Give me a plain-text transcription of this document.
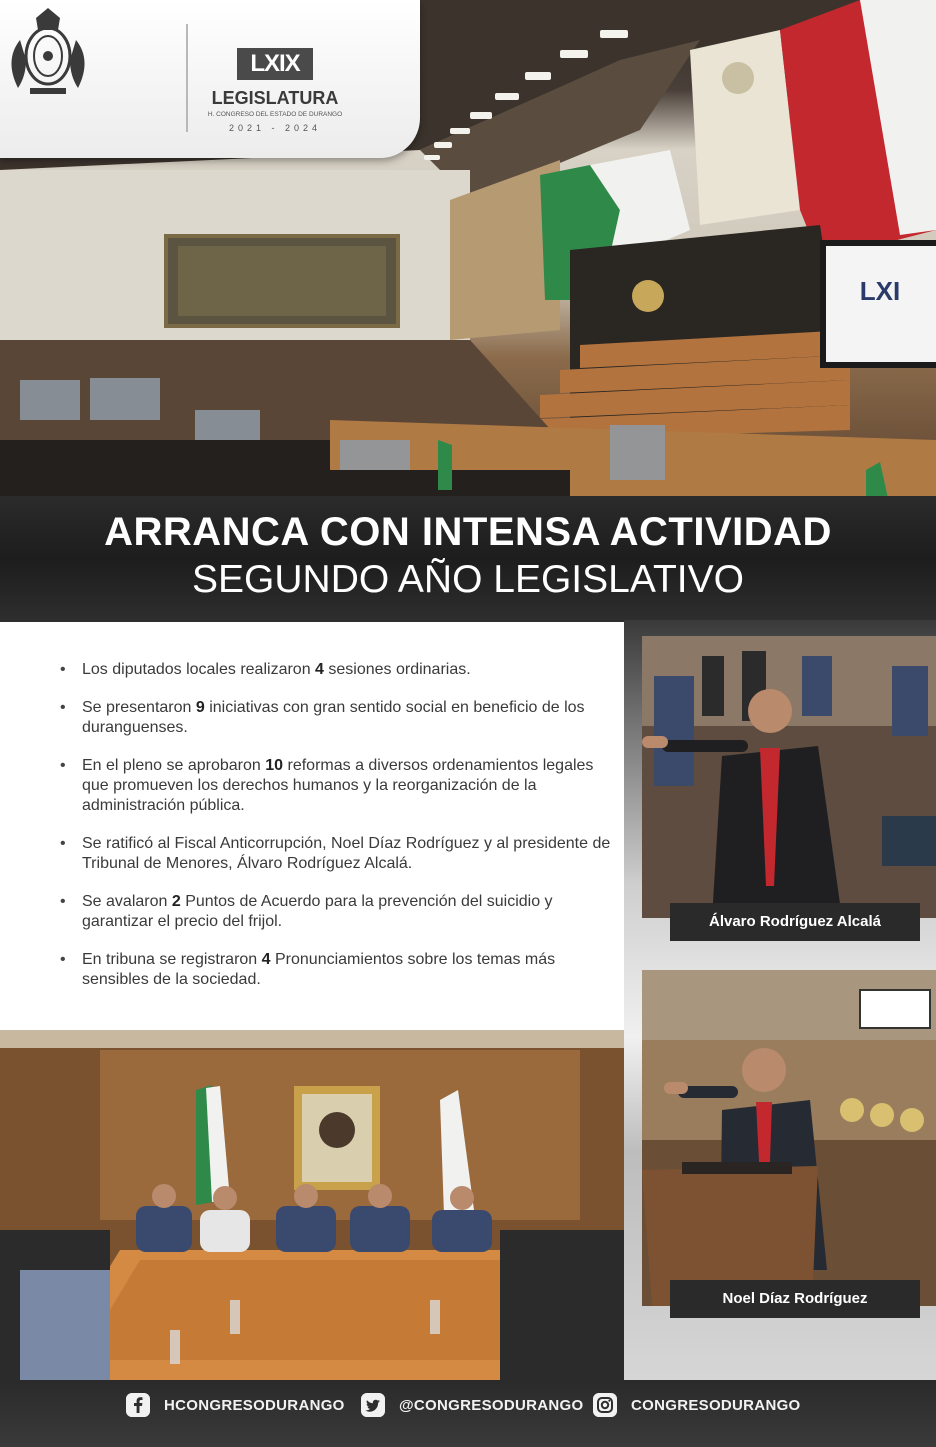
LXI
LXIX
LEGISLATURA
H. CONGRESO DEL ESTADO DE DURANGO
2021 - 2024
ARRANCA CON INTENSA ACTIVIDAD
SEGUNDO AÑO LEGISLATIVO
• Los diputados locales realizaron 4 sesiones ordinarias.
• Se presentaron 9 iniciativas con gran sentido social en beneficio de los duranguenses.
• En el pleno se aprobaron 10 reformas a diversos ordenamientos legales que promueven los derechos humanos y la reorganización de la administración pública.
• Se ratificó al Fiscal Anticorrupción, Noel Díaz Rodríguez y al presidente de Tribunal de Menores, Álvaro Rodríguez Alcalá.
• Se avalaron 2 Puntos de Acuerdo para la prevención del suicidio y garantizar el precio del frijol.
• En tribuna se registraron 4 Pronunciamientos sobre los temas más sensibles de la sociedad.
Álvaro Rodríguez Alcalá
Noel Díaz Rodríguez
HCONGRESODURANGO	@CONGRESODURANGO	CONGRESODURANGO
